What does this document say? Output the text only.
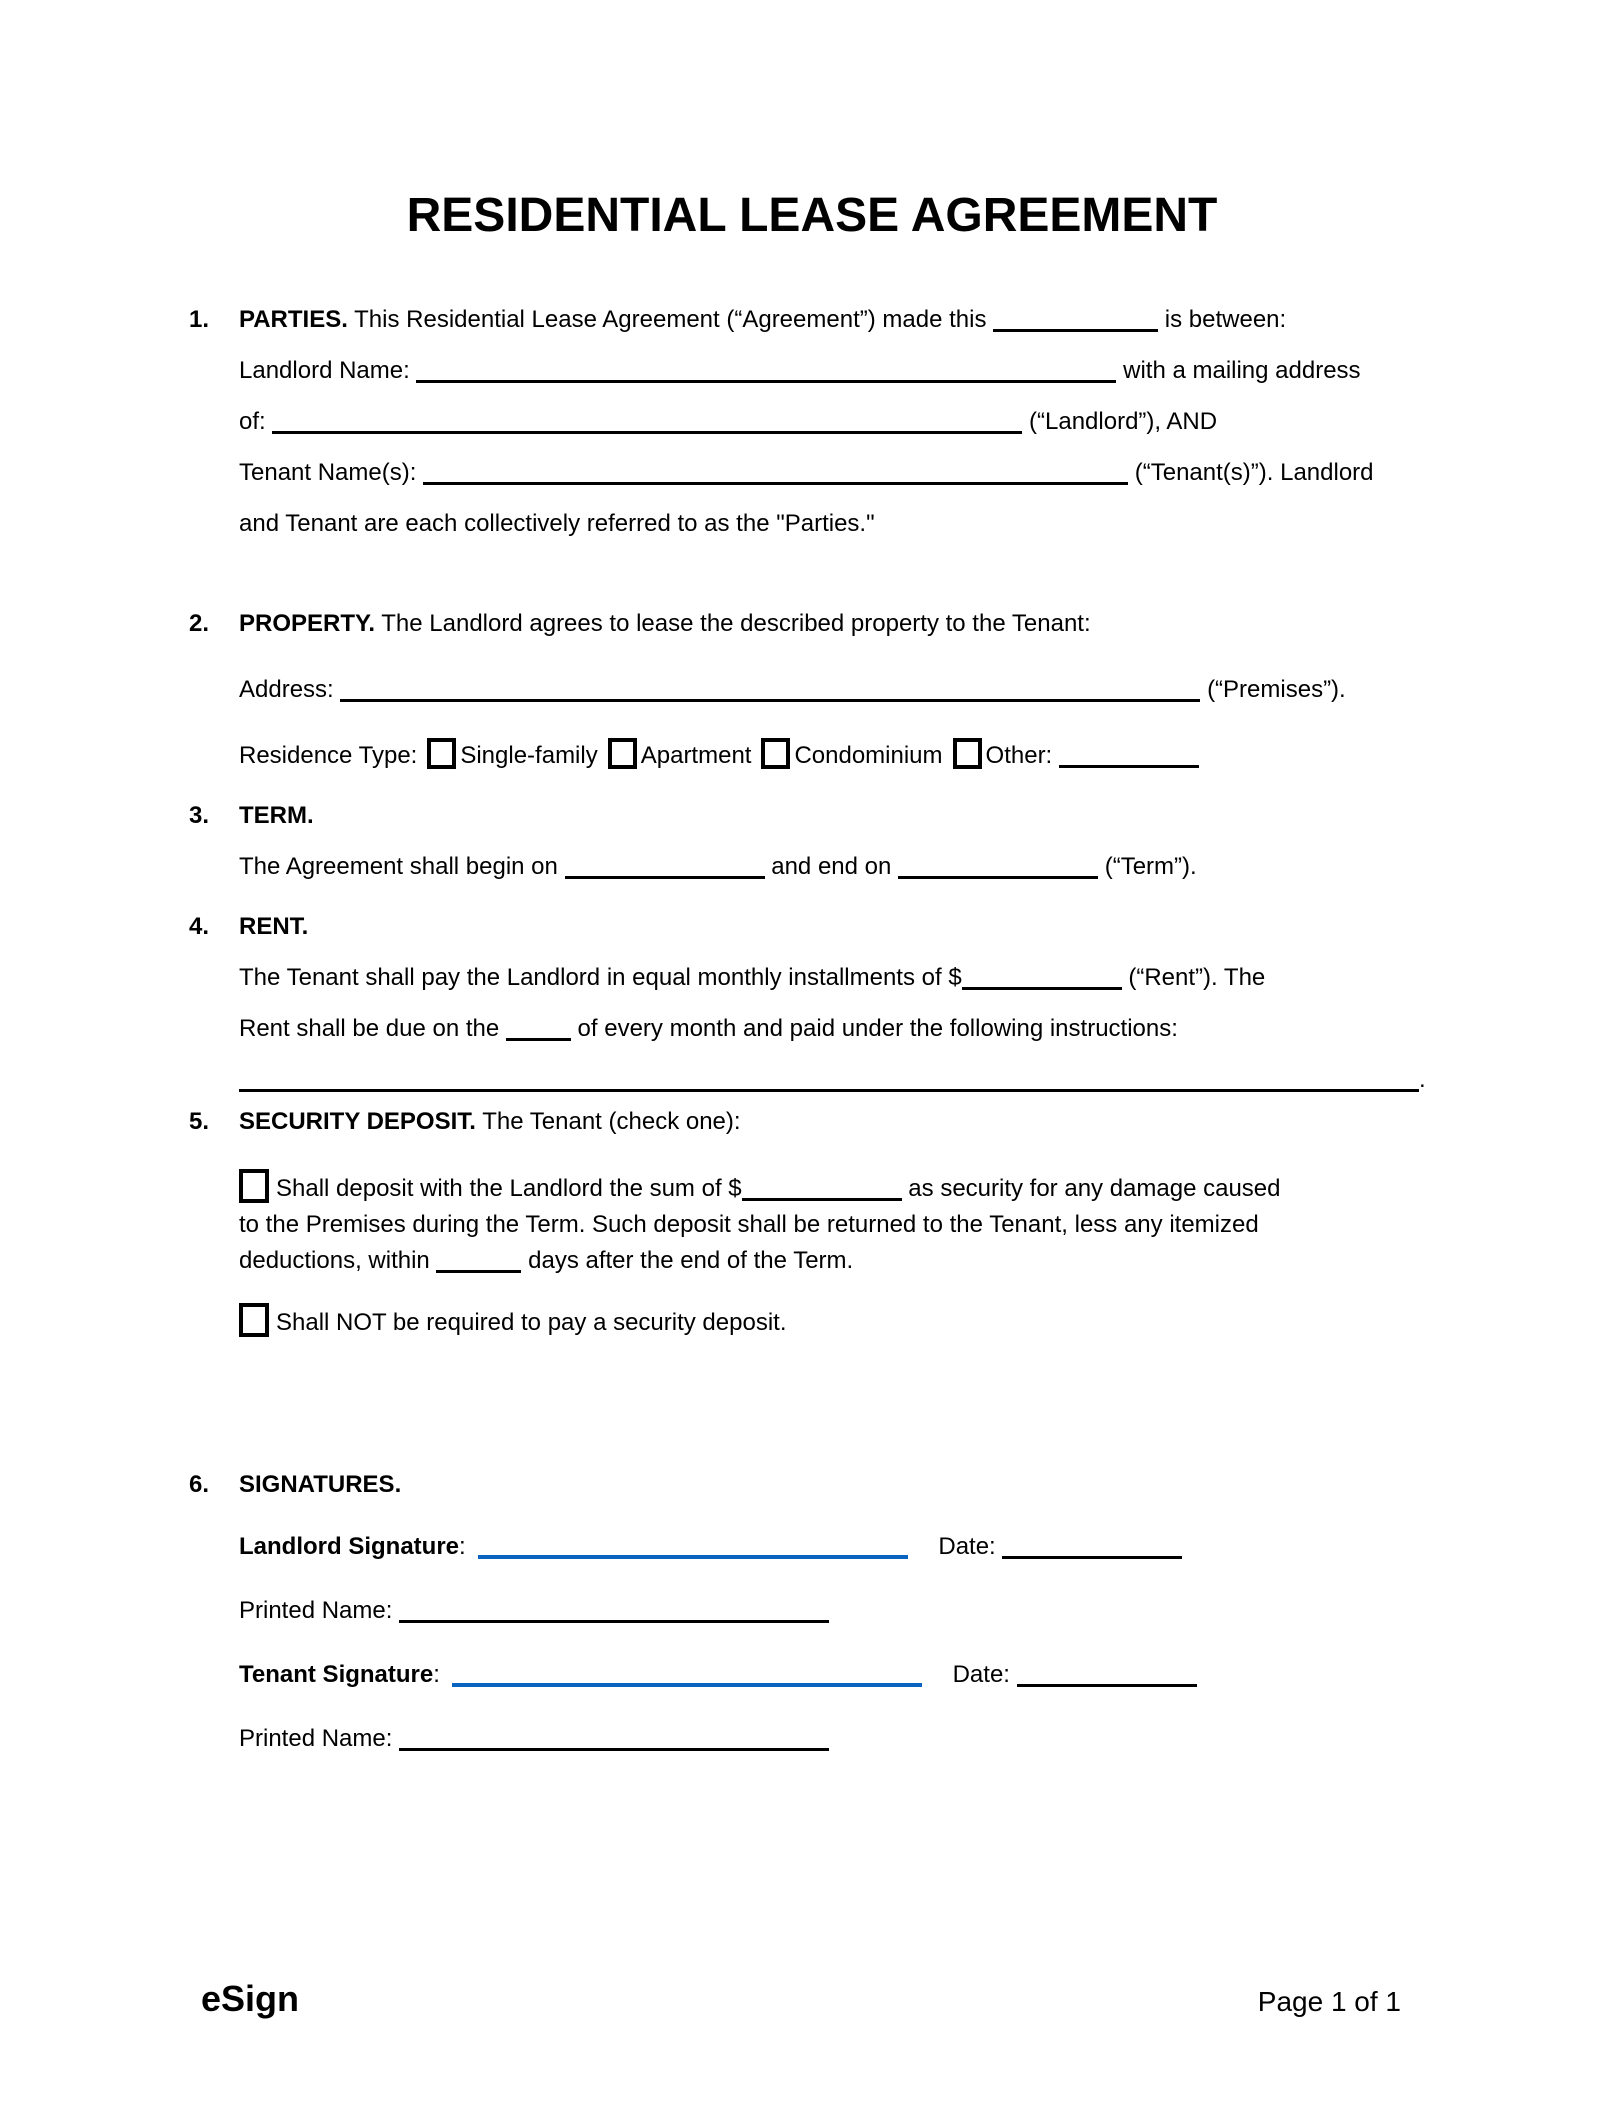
RESIDENTIAL LEASE AGREEMENT
1. PARTIES. This Residential Lease Agreement (“Agreement”) made this	is between:
Landlord Name:	with a mailing address
of:	(“Landlord”), AND
Tenant Name(s):	(“Tenant(s)”). Landlord
and Tenant are each collectively referred to as the "Parties."
2. PROPERTY. The Landlord agrees to lease the described property to the Tenant:
Address:	(“Premises”).
Residence Type: Single-family Apartment Condominium Other:
3. TERM.
The Agreement shall begin on	and end on	(“Term”).
4. RENT.
The Tenant shall pay the Landlord in equal monthly installments of $	(“Rent”). The
Rent shall be due on the	of every month and paid under the following instructions:
.
5. SECURITY DEPOSIT. The Tenant (check one):
Shall deposit with the Landlord the sum of $	as security for any damage caused
to the Premises during the Term. Such deposit shall be returned to the Tenant, less any itemized
deductions, within	days after the end of the Term.
Shall NOT be required to pay a security deposit.
6. SIGNATURES.
Landlord Signature:	Date:
Printed Name:
Tenant Signature:	Date:
Printed Name:
eSign	Page 1 of 1
